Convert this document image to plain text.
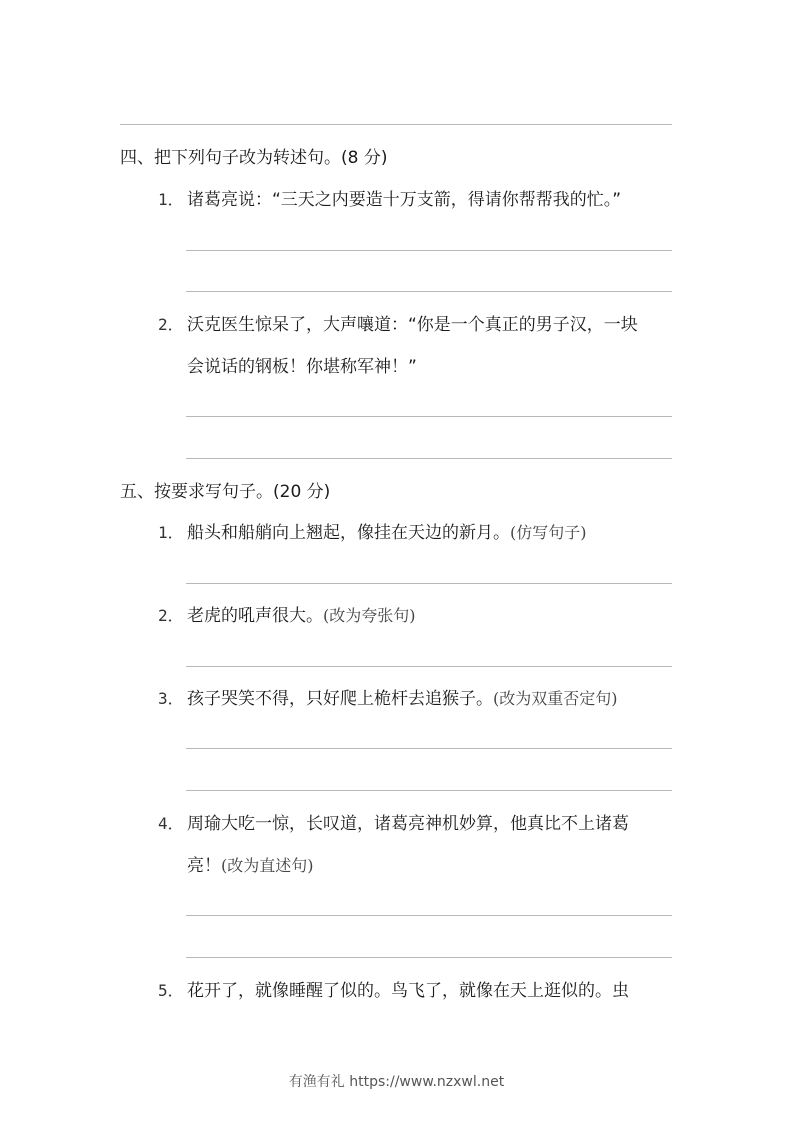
四、把下列句子改为转述句。(8 分)
1． 诸葛亮说：“三天之内要造十万支箭，得请你帮帮我的忙。”
2． 沃克医生惊呆了，大声嚷道：“你是一个真正的男子汉，一块
会说话的钢板！你堪称军神！”
五、按要求写句子。(20 分)
1． 船头和船艄向上翘起，像挂在天边的新月。(仿写句子)
2． 老虎的吼声很大。(改为夸张句)
3． 孩子哭笑不得，只好爬上桅杆去追猴子。(改为双重否定句)
4． 周瑜大吃一惊，长叹道，诸葛亮神机妙算，他真比不上诸葛
亮！(改为直述句)
5． 花开了，就像睡醒了似的。鸟飞了，就像在天上逛似的。虫
有渔有礼 https://www.nzxwl.net
